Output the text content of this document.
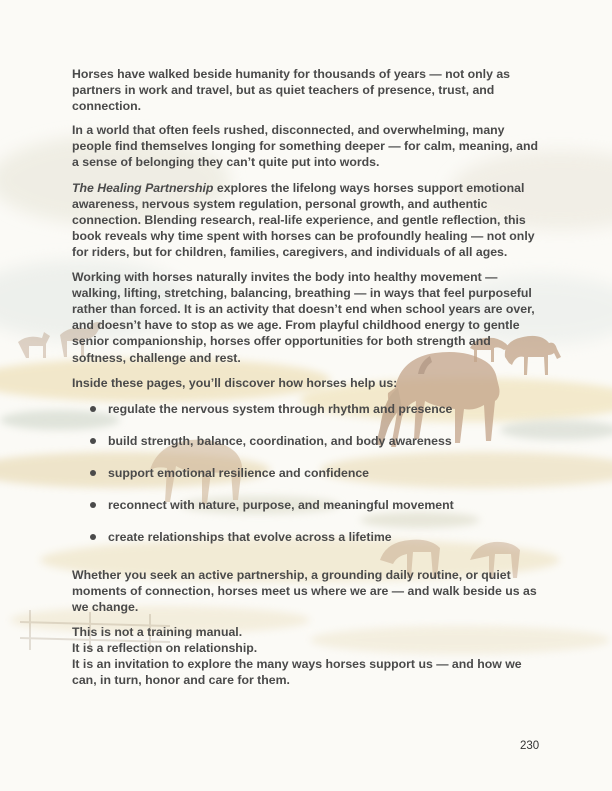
Horses have walked beside humanity for thousands of years — not only as partners in work and travel, but as quiet teachers of presence, trust, and connection.

In a world that often feels rushed, disconnected, and overwhelming, many people find themselves longing for something deeper — for calm, meaning, and a sense of belonging they can’t quite put into words.

The Healing Partnership explores the lifelong ways horses support emotional awareness, nervous system regulation, personal growth, and authentic connection. Blending research, real-life experience, and gentle reflection, this book reveals why time spent with horses can be profoundly healing — not only for riders, but for children, families, caregivers, and individuals of all ages.

Working with horses naturally invites the body into healthy movement — walking, lifting, stretching, balancing, breathing — in ways that feel purposeful rather than forced. It is an activity that doesn’t end when school years are over, and doesn’t have to stop as we age. From playful childhood energy to gentle senior companionship, horses offer opportunities for both strength and softness, challenge and rest.

Inside these pages, you’ll discover how horses help us:

regulate the nervous system through rhythm and presence
build strength, balance, coordination, and body awareness
support emotional resilience and confidence
reconnect with nature, purpose, and meaningful movement
create relationships that evolve across a lifetime

Whether you seek an active partnership, a grounding daily routine, or quiet moments of connection, horses meet us where we are — and walk beside us as we change.

This is not a training manual.
It is a reflection on relationship.
It is an invitation to explore the many ways horses support us — and how we can, in turn, honor and care for them.

230
